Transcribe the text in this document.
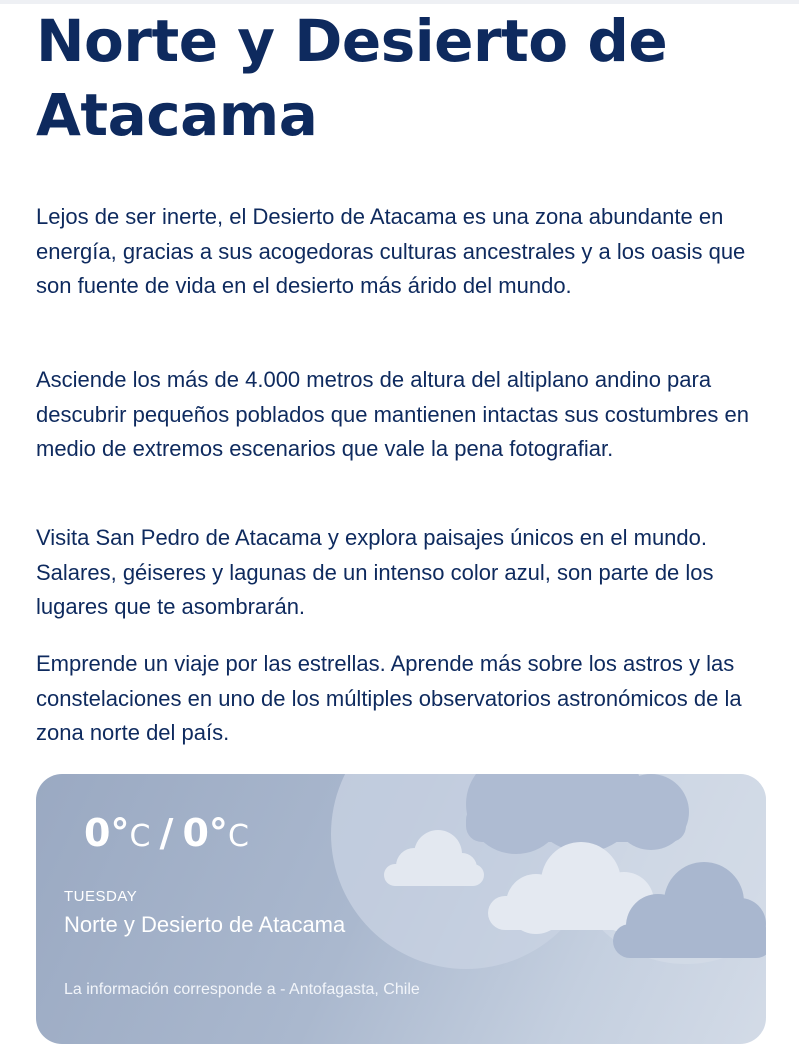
Norte y Desierto de Atacama

Lejos de ser inerte, el Desierto de Atacama es una zona abundante en energía, gracias a sus acogedoras culturas ancestrales y a los oasis que son fuente de vida en el desierto más árido del mundo.

Asciende los más de 4.000 metros de altura del altiplano andino para descubrir pequeños poblados que mantienen intactas sus costumbres en medio de extremos escenarios que vale la pena fotografiar.

Visita San Pedro de Atacama y explora paisajes únicos en el mundo. Salares, géiseres y lagunas de un intenso color azul, son parte de los lugares que te asombrarán.

Emprende un viaje por las estrellas. Aprende más sobre los astros y las constelaciones en uno de los múltiples observatorios astronómicos de la zona norte del país.

0°C / 0°C
TUESDAY
Norte y Desierto de Atacama
La información corresponde a - Antofagasta, Chile
